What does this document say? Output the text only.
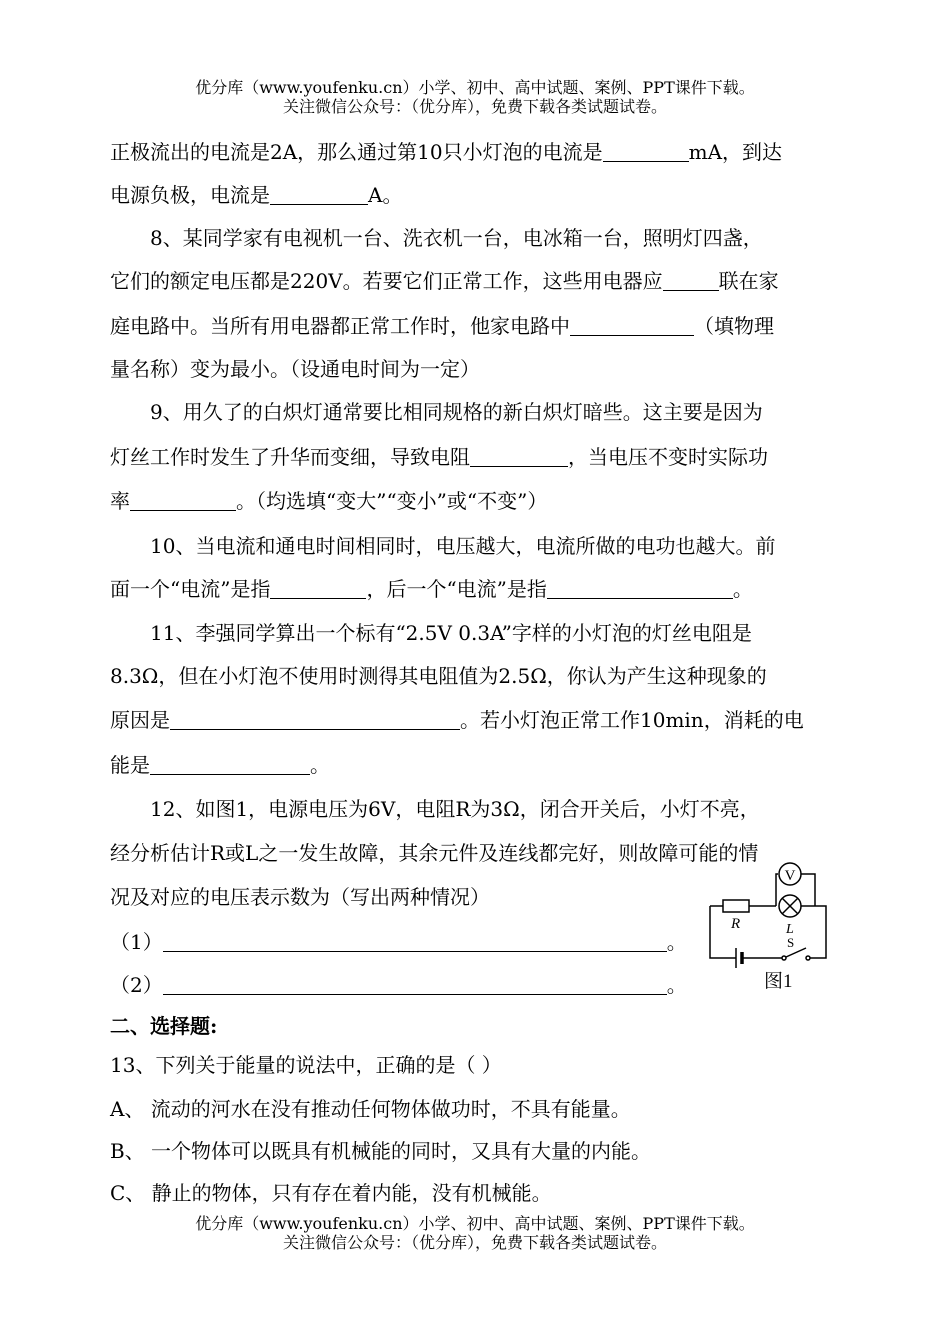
优分库（www.youfenku.cn）小学、初中、高中试题、案例、PPT课件下载。
关注微信公众号：（优分库），免费下载各类试题试卷。
正极流出的电流是2A，那么通过第10只小灯泡的电流是	mA，到达
电源负极，电流是	A。
8、某同学家有电视机一台、洗衣机一台，电冰箱一台，照明灯四盏，
它们的额定电压都是220V。若要它们正常工作，这些用电器应	联在家
庭电路中。当所有用电器都正常工作时，他家电路中	（填物理
量名称）变为最小。（设通电时间为一定）
9、用久了的白炽灯通常要比相同规格的新白炽灯暗些。这主要是因为
灯丝工作时发生了升华而变细，导致电阻	，当电压不变时实际功
率	。（均选填“变大”“变小”或“不变”）
10、当电流和通电时间相同时，电压越大，电流所做的电功也越大。前
面一个“电流”是指	，后一个“电流”是指	。
11、李强同学算出一个标有“2.5V 0.3A”字样的小灯泡的灯丝电阻是
8.3Ω，但在小灯泡不使用时测得其电阻值为2.5Ω，你认为产生这种现象的
原因是	。若小灯泡正常工作10min，消耗的电
能是	。
12、如图1，电源电压为6V，电阻R为3Ω，闭合开关后，小灯不亮，
经分析估计R或L之一发生故障，其余元件及连线都完好，则故障可能的情
况及对应的电压表示数为（写出两种情况）
（1）	。
（2）	。
V
R	L
S
图1
二、选择题:
13、下列关于能量的说法中，正确的是（ ）
A、 流动的河水在没有推动任何物体做功时，不具有能量。
B、 一个物体可以既具有机械能的同时，又具有大量的内能。
C、 静止的物体，只有存在着内能，没有机械能。
优分库（www.youfenku.cn）小学、初中、高中试题、案例、PPT课件下载。
关注微信公众号：（优分库），免费下载各类试题试卷。
